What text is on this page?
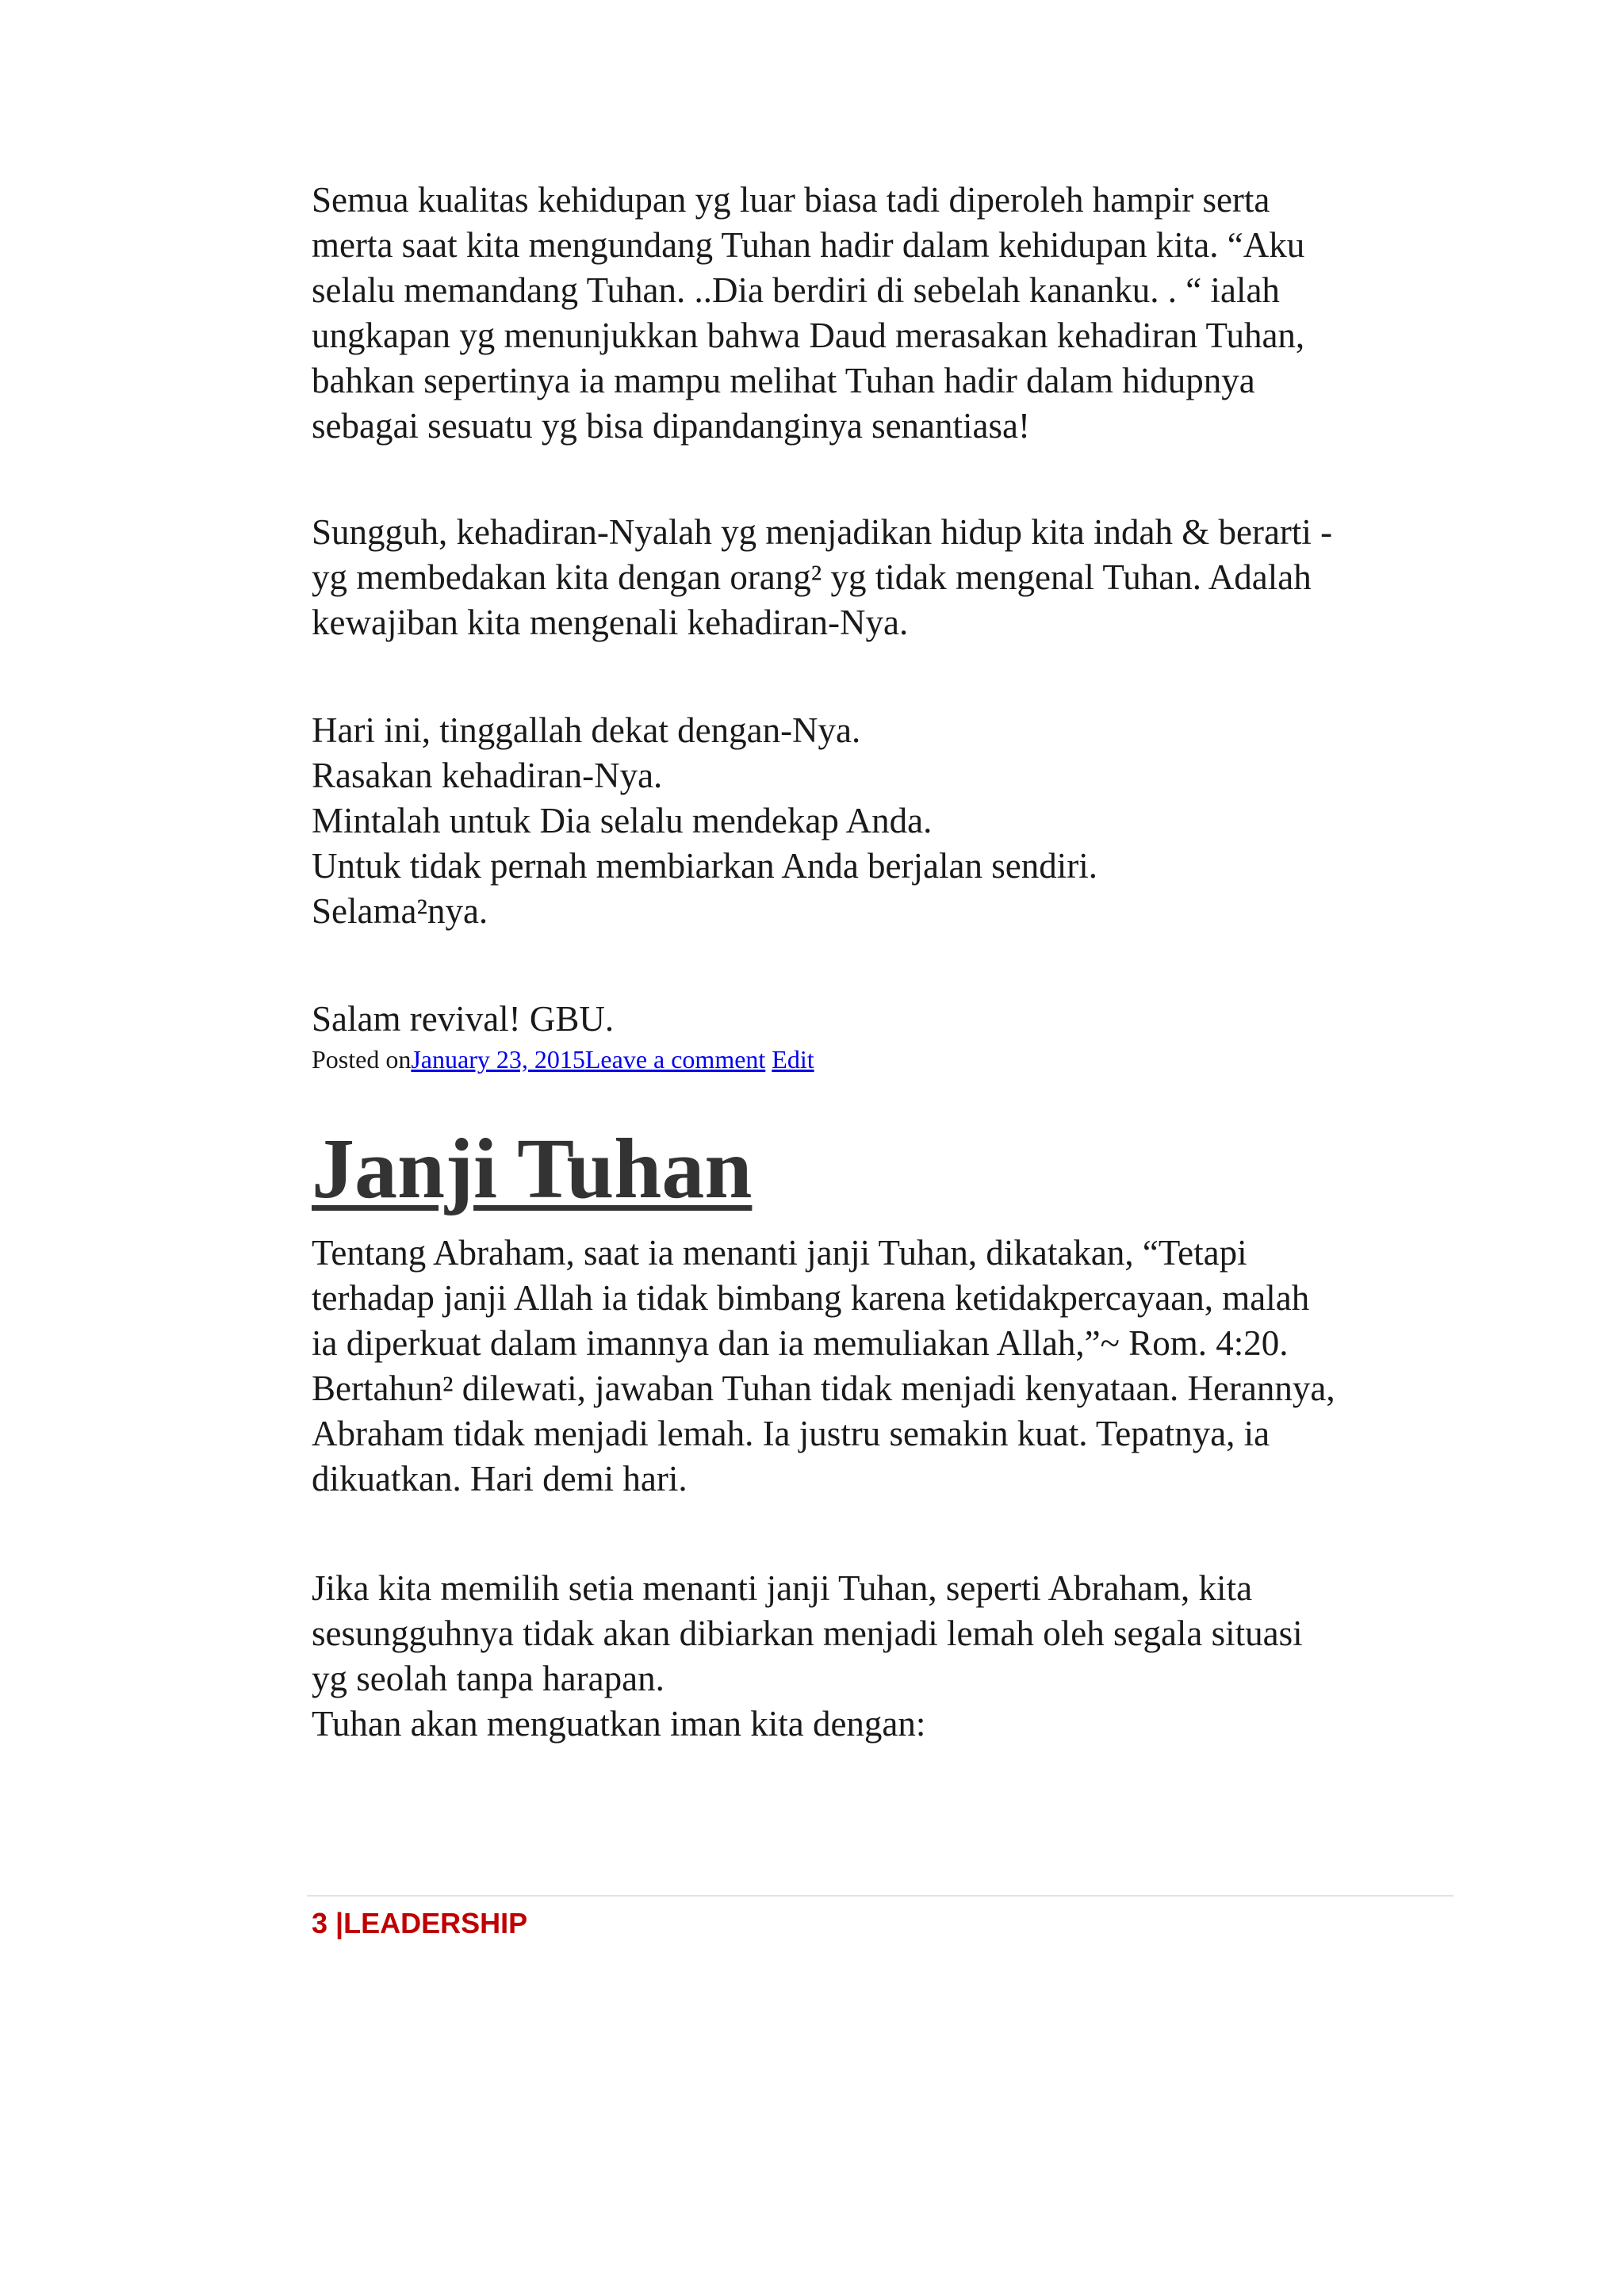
Semua kualitas kehidupan yg luar biasa tadi diperoleh hampir serta
merta saat kita mengundang Tuhan hadir dalam kehidupan kita. “Aku
selalu memandang Tuhan. ..Dia berdiri di sebelah kananku. . “ ialah
ungkapan yg menunjukkan bahwa Daud merasakan kehadiran Tuhan,
bahkan sepertinya ia mampu melihat Tuhan hadir dalam hidupnya
sebagai sesuatu yg bisa dipandanginya senantiasa!

Sungguh, kehadiran-Nyalah yg menjadikan hidup kita indah & berarti -
yg membedakan kita dengan orang² yg tidak mengenal Tuhan. Adalah
kewajiban kita mengenali kehadiran-Nya.

Hari ini, tinggallah dekat dengan-Nya.
Rasakan kehadiran-Nya.
Mintalah untuk Dia selalu mendekap Anda.
Untuk tidak pernah membiarkan Anda berjalan sendiri.
Selama²nya.

Salam revival! GBU.

Posted onJanuary 23, 2015Leave a comment Edit

Janji Tuhan

Tentang Abraham, saat ia menanti janji Tuhan, dikatakan, “Tetapi
terhadap janji Allah ia tidak bimbang karena ketidakpercayaan, malah
ia diperkuat dalam imannya dan ia memuliakan Allah,”~ Rom. 4:20.
Bertahun² dilewati, jawaban Tuhan tidak menjadi kenyataan. Herannya,
Abraham tidak menjadi lemah. Ia justru semakin kuat. Tepatnya, ia
dikuatkan. Hari demi hari.

Jika kita memilih setia menanti janji Tuhan, seperti Abraham, kita
sesungguhnya tidak akan dibiarkan menjadi lemah oleh segala situasi
yg seolah tanpa harapan.
Tuhan akan menguatkan iman kita dengan:

3 |LEADERSHIP
